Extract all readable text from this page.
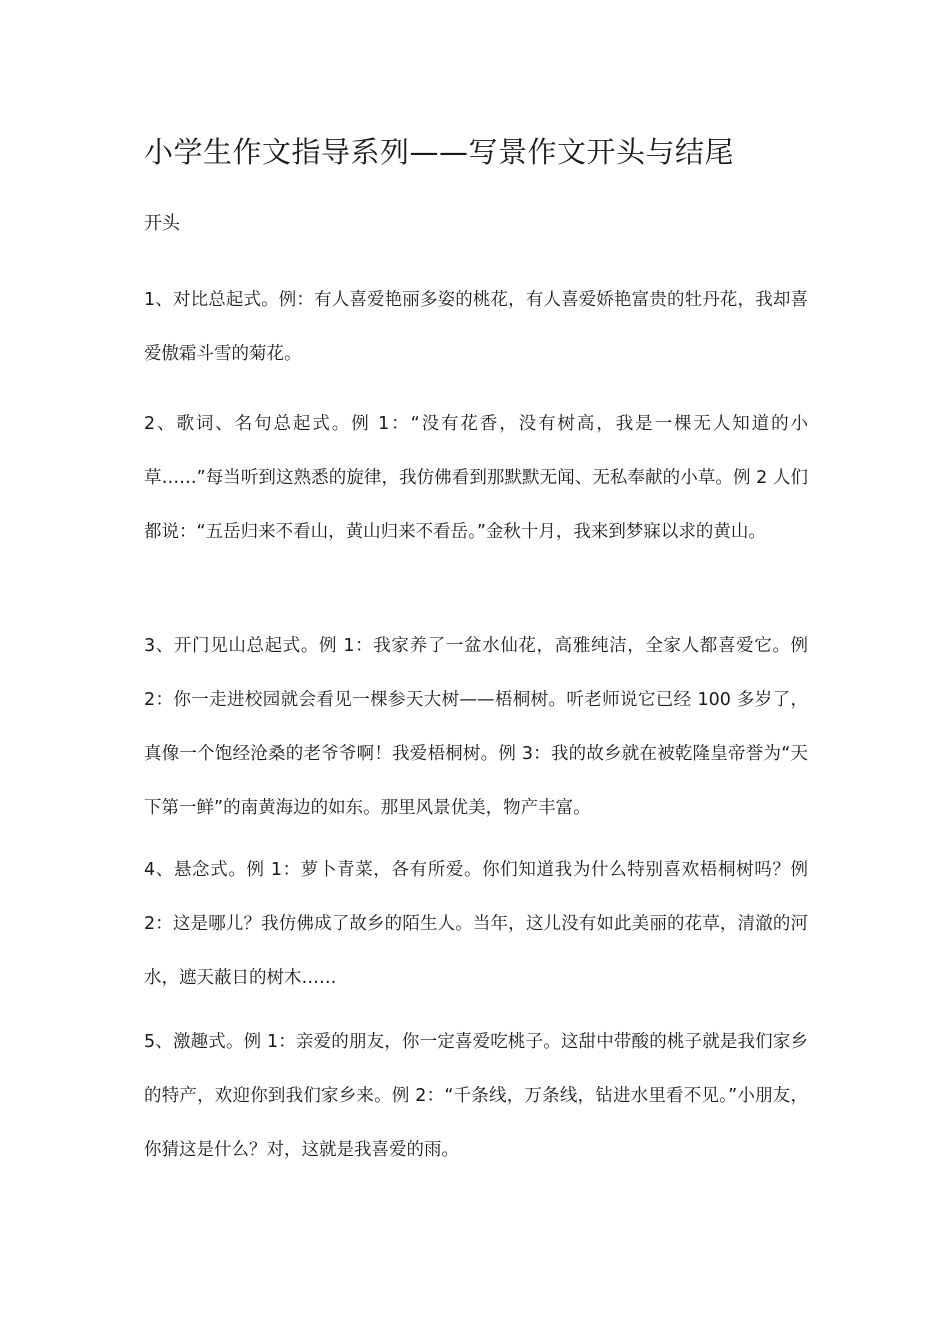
小学生作文指导系列——写景作文开头与结尾
开头

1、对比总起式。例：有人喜爱艳丽多姿的桃花，有人喜爱娇艳富贵的牡丹花，我却喜爱傲霜斗雪的菊花。

2、歌词、名句总起式。例 1：“没有花香，没有树高，我是一棵无人知道的小草……”每当听到这熟悉的旋律，我仿佛看到那默默无闻、无私奉献的小草。例 2 人们都说：“五岳归来不看山，黄山归来不看岳。”金秋十月，我来到梦寐以求的黄山。

3、开门见山总起式。例 1：我家养了一盆水仙花，高雅纯洁，全家人都喜爱它。例 2：你一走进校园就会看见一棵参天大树——梧桐树。听老师说它已经 100 多岁了，真像一个饱经沧桑的老爷爷啊！我爱梧桐树。例 3：我的故乡就在被乾隆皇帝誉为“天下第一鲜”的南黄海边的如东。那里风景优美，物产丰富。

4、悬念式。例 1：萝卜青菜，各有所爱。你们知道我为什么特别喜欢梧桐树吗？例 2：这是哪儿？我仿佛成了故乡的陌生人。当年，这儿没有如此美丽的花草，清澈的河水，遮天蔽日的树木……

5、激趣式。例 1：亲爱的朋友，你一定喜爱吃桃子。这甜中带酸的桃子就是我们家乡的特产，欢迎你到我们家乡来。例 2：“千条线，万条线，钻进水里看不见。”小朋友，你猜这是什么？对，这就是我喜爱的雨。
